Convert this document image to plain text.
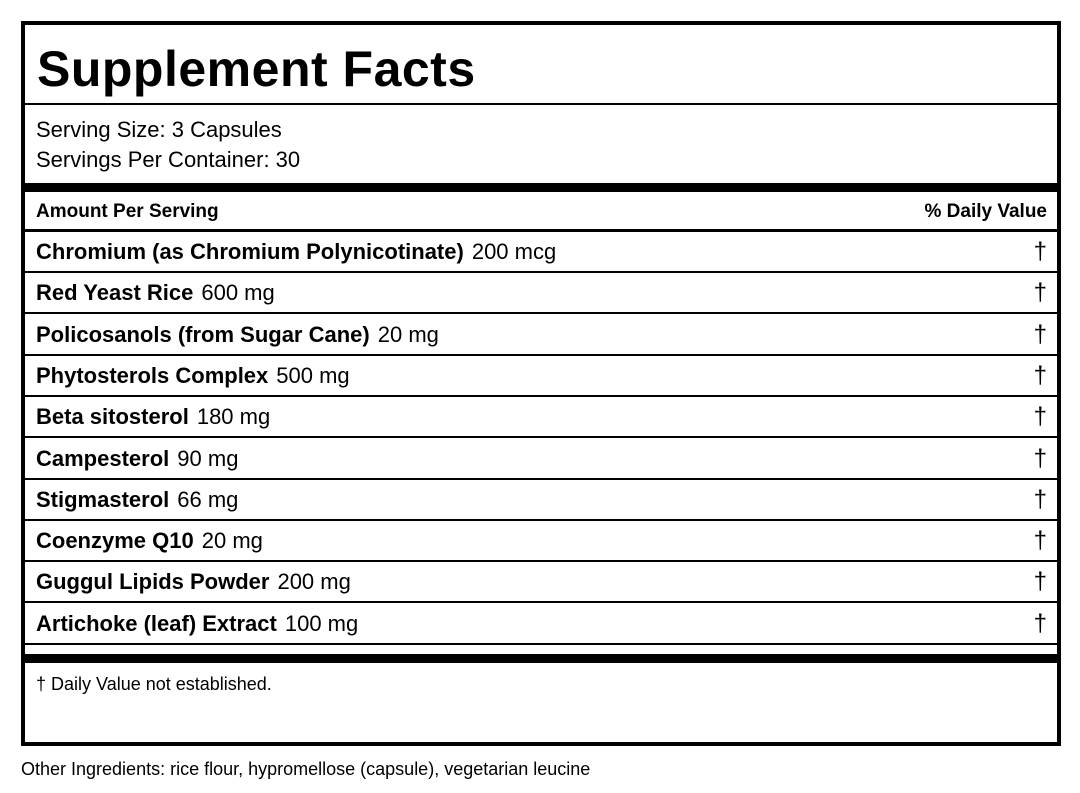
Supplement Facts
Serving Size: 3 Capsules
Servings Per Container: 30
Amount Per Serving	% Daily Value
Chromium (as Chromium Polynicotinate) 200 mcg	†
Red Yeast Rice 600 mg	†
Policosanols (from Sugar Cane) 20 mg	†
Phytosterols Complex 500 mg	†
Beta sitosterol 180 mg	†
Campesterol 90 mg	†
Stigmasterol 66 mg	†
Coenzyme Q10 20 mg	†
Guggul Lipids Powder 200 mg	†
Artichoke (leaf) Extract 100 mg	†
† Daily Value not established.
Other Ingredients: rice flour, hypromellose (capsule), vegetarian leucine
